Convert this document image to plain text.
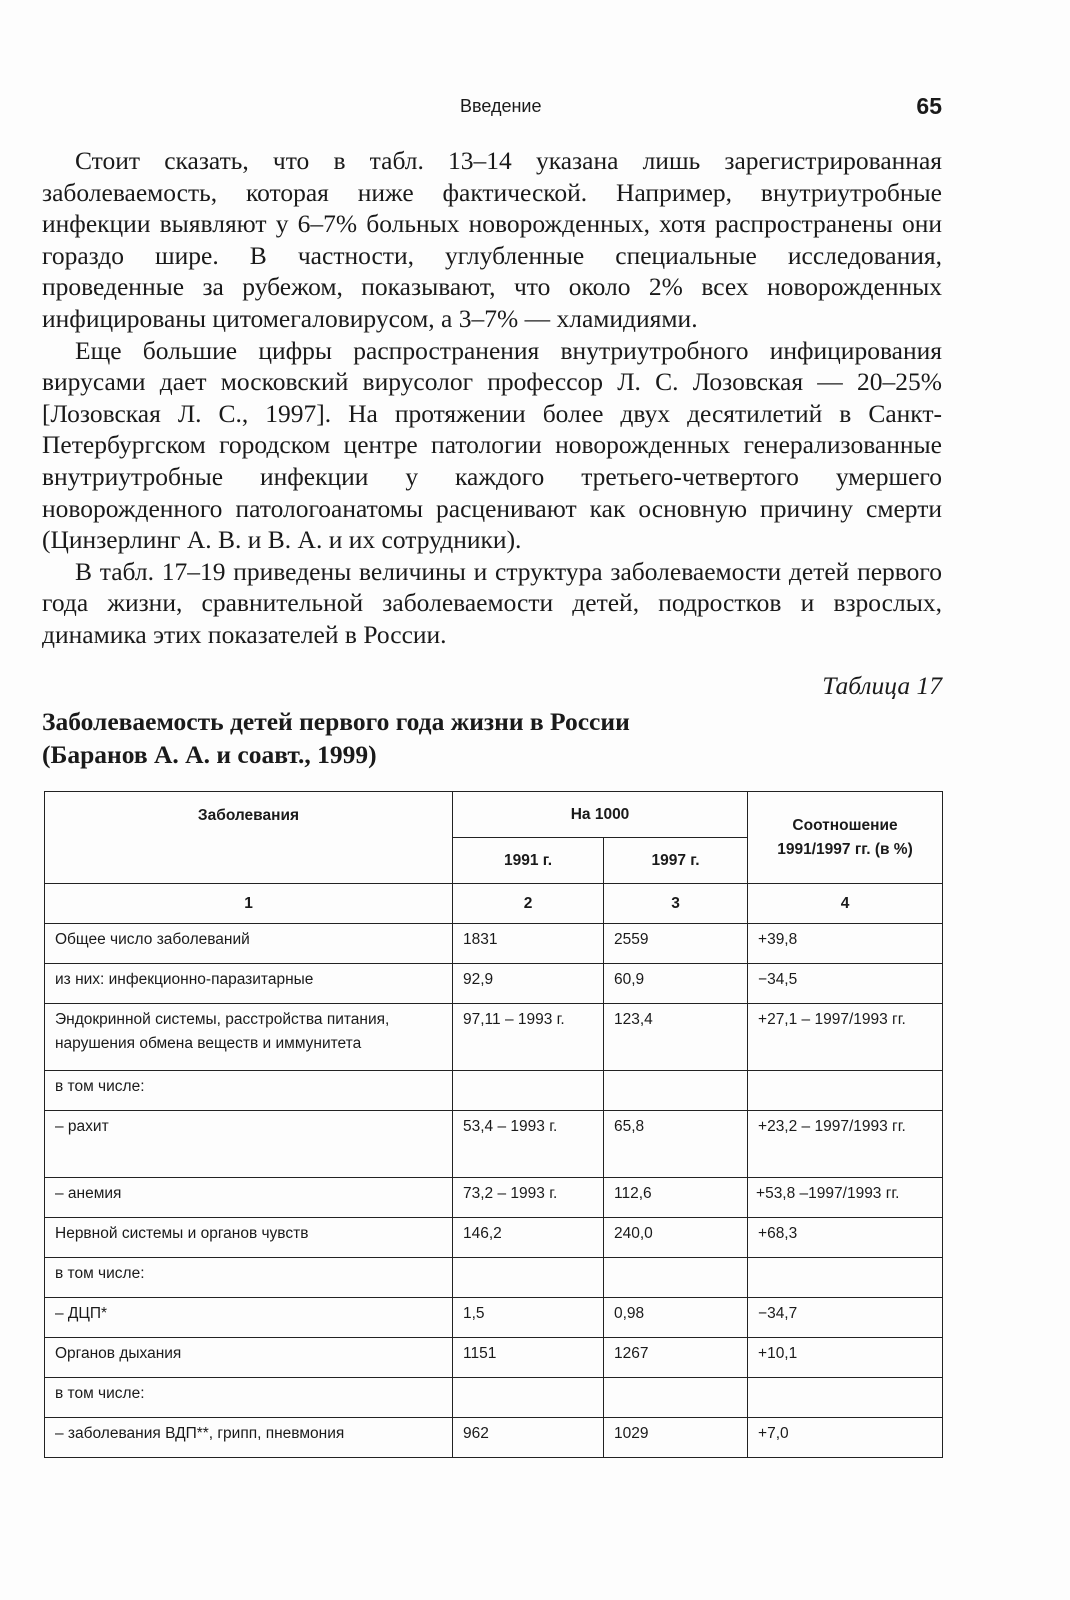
Введение	65

Стоит сказать, что в табл. 13–14 указана лишь зарегистрированная заболеваемость, которая ниже фактической. Например, внутриутробные инфекции выявляют у 6–7% больных новорожденных, хотя распространены они гораздо шире. В частности, углубленные специальные исследования, проведенные за рубежом, показывают, что около 2% всех новорожденных инфицированы цитомегаловирусом, а 3–7% — хламидиями.

Еще большие цифры распространения внутриутробного инфицирования вирусами дает московский вирусолог профессор Л. С. Лозовская — 20–25% [Лозовская Л. С., 1997]. На протяжении более двух десятилетий в Санкт-Петербургском городском центре патологии новорожденных генерализованные внутриутробные инфекции у каждого третьего-четвертого умершего новорожденного патологоанатомы расценивают как основную причину смерти (Цинзерлинг А. В. и В. А. и их сотрудники).

В табл. 17–19 приведены величины и структура заболеваемости детей первого года жизни, сравнительной заболеваемости детей, подростков и взрослых, динамика этих показателей в России.

Таблица 17
Заболеваемость детей первого года жизни в России
(Баранов А. А. и соавт., 1999)
Заболевания	На 1000		Соотношение 1991/1997 гг. (в %)
	1991 г.	1997 г.	
1	2	3	4
Общее число заболеваний	1831	2559	+39,8
из них: инфекционно-паразитарные	92,9	60,9	−34,5
Эндокринной системы, расстройства питания, нарушения обмена веществ и иммунитета	97,11 – 1993 г.	123,4	+27,1 – 1997/1993 гг.
в том числе:			
– рахит	53,4 – 1993 г.	65,8	+23,2 – 1997/1993 гг.
– анемия	73,2 – 1993 г.	112,6	+53,8 –1997/1993 гг.
Нервной системы и органов чувств	146,2	240,0	+68,3
в том числе:			
– ДЦП*	1,5	0,98	−34,7
Органов дыхания	1151	1267	+10,1
в том числе:			
– заболевания ВДП**, грипп, пневмония	962	1029	+7,0
